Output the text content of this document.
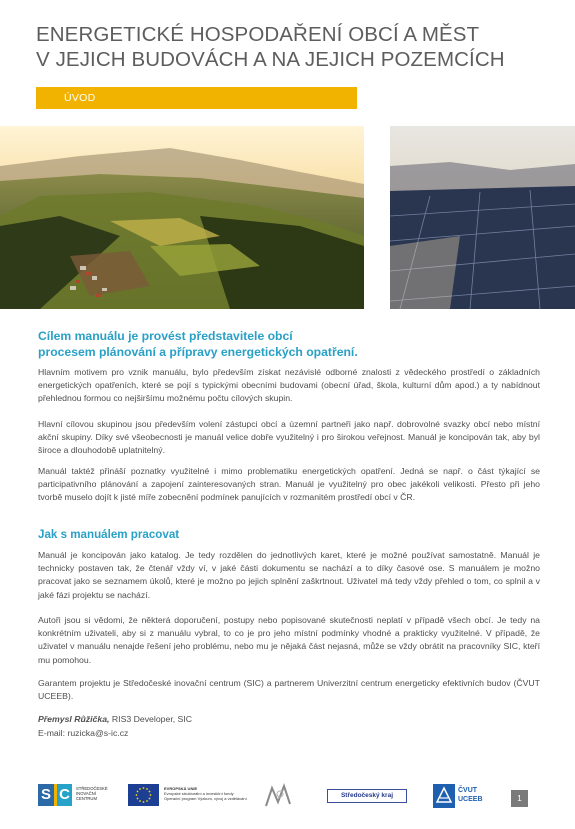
ENERGETICKÉ HOSPODAŘENÍ OBCÍ A MĚST
V JEJICH BUDOVÁCH A NA JEJICH POZEMCÍCH
ÚVOD
Cílem manuálu je provést představitele obcí
procesem plánování a přípravy energetických opatření.
Hlavním motivem pro vznik manuálu, bylo především získat nezávislé odborné znalosti z vědeckého prostředí o základních energetických opatřeních, které se pojí s typickými obecními budovami (obecní úřad, škola, kulturní dům apod.) a ty nabídnout přehlednou formou co nejširšímu možnému počtu cílových skupin.
Hlavní cílovou skupinou jsou především volení zástupci obcí a územní partneři jako např. dobrovolné svazky obcí nebo místní akční skupiny. Díky své všeobecnosti je manuál velice dobře využitelný i pro širokou veřejnost. Manuál je koncipován tak, aby byl široce a dlouhodobě uplatnitelný.
Manuál taktéž přináší poznatky využitelné i mimo problematiku energetických opatření. Jedná se např. o část týkající se participativního plánování a zapojení zainteresovaných stran. Manuál je využitelný pro obec jakékoli velikosti. Přesto při jeho tvorbě muselo dojít k jisté míře zobecnění podmínek panujících v rozmanitém prostředí obcí v ČR.
Jak s manuálem pracovat
Manuál je koncipován jako katalog. Je tedy rozdělen do jednotlivých karet, které je možné používat samostatně. Manuál je technicky postaven tak, že čtenář vždy ví, v jaké části dokumentu se nachází a to díky časové ose. S manuálem je možno pracovat jako se seznamem úkolů, které je možno po jejich splnění zaškrtnout. Uživatel má tedy vždy přehled o tom, co splnil a v jaké fázi projektu se nachází.
Autoři jsou si vědomi, že některá doporučení, postupy nebo popisované skutečnosti neplatí v případě všech obcí. Je tedy na konkrétním uživateli, aby si z manuálu vybral, to co je pro jeho místní podmínky vhodné a prakticky využitelné. V případě, že uživatel v manuálu nenajde řešení jeho problému, nebo mu je nějaká část nejasná, může se vždy obrátit na pracovníky SIC, kteří mu pomohou.
Garantem projektu je Středočeské inovační centrum (SIC) a partnerem Univerzitní centrum energeticky efektivních budov (ČVUT UCEEB).
Přemysl Růžička, RIS3 Developer, SIC
E-mail: ruzicka@s-ic.cz
S C	STŘEDOČESKÉ INOVAČNÍ CENTRUM
EVROPSKÁ UNIE
Evropské strukturální a investiční fondy
Operační program Výzkum, vývoj a vzdělávání	Středočeský kraj
ČVUT
UCEEB	1
